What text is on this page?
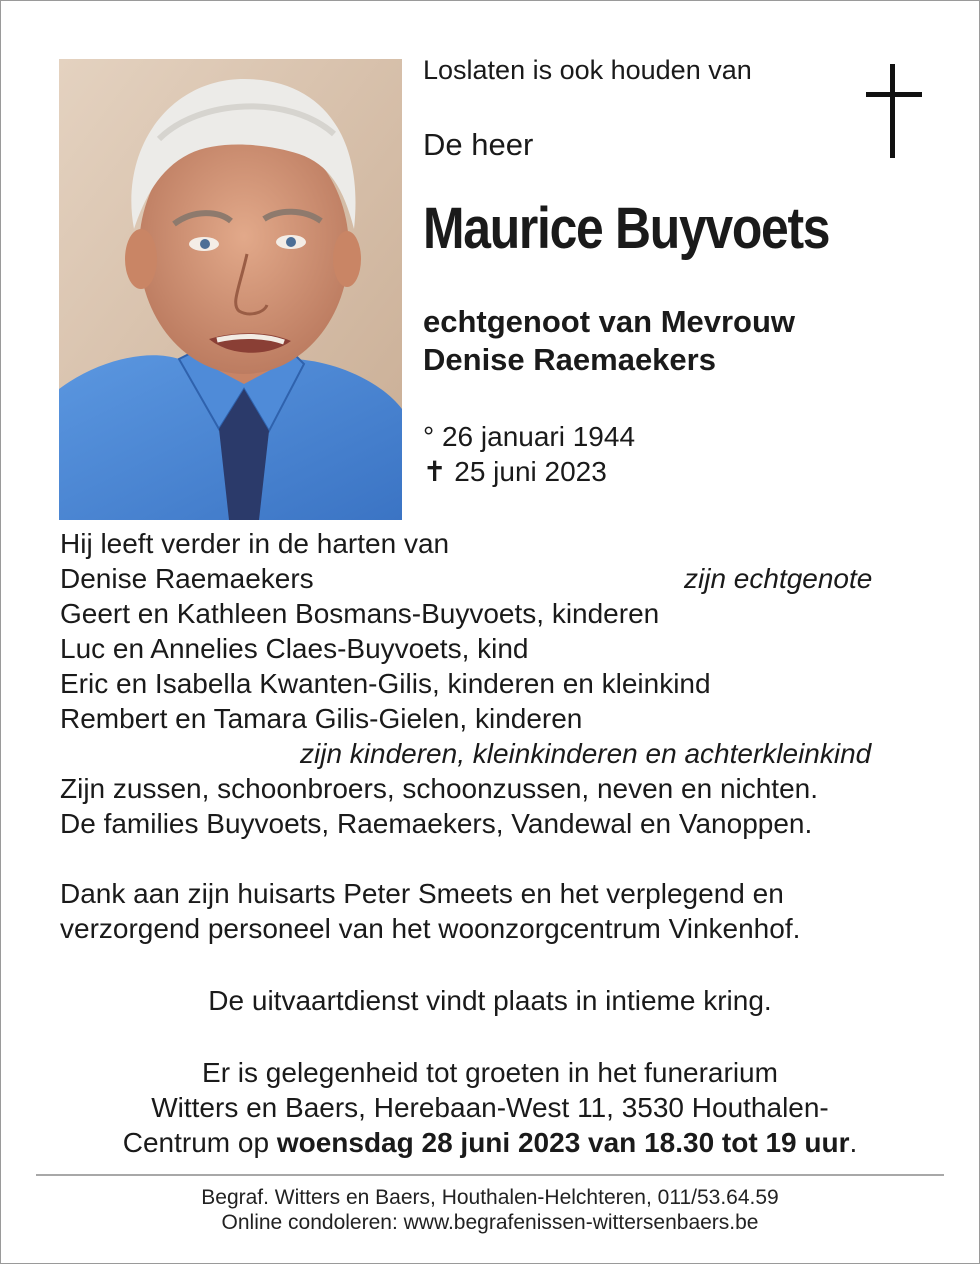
Loslaten is ook houden van
De heer
Maurice Buyvoets
echtgenoot van Mevrouw
Denise Raemaekers
° 26 januari 1944
✝ 25 juni 2023
Hij leeft verder in de harten van
Denise Raemaekers	zijn echtgenote
Geert en Kathleen Bosmans-Buyvoets, kinderen
Luc en Annelies Claes-Buyvoets, kind
Eric en Isabella Kwanten-Gilis, kinderen en kleinkind
Rembert en Tamara Gilis-Gielen, kinderen
zijn kinderen, kleinkinderen en achterkleinkind
Zijn zussen, schoonbroers, schoonzussen, neven en nichten.
De families Buyvoets, Raemaekers, Vandewal en Vanoppen.
Dank aan zijn huisarts Peter Smeets en het verplegend en
verzorgend personeel van het woonzorgcentrum Vinkenhof.
De uitvaartdienst vindt plaats in intieme kring.
Er is gelegenheid tot groeten in het funerarium
Witters en Baers, Herebaan-West 11, 3530 Houthalen-
Centrum op woensdag 28 juni 2023 van 18.30 tot 19 uur.
Begraf. Witters en Baers, Houthalen-Helchteren, 011/53.64.59
Online condoleren: www.begrafenissen-wittersenbaers.be
